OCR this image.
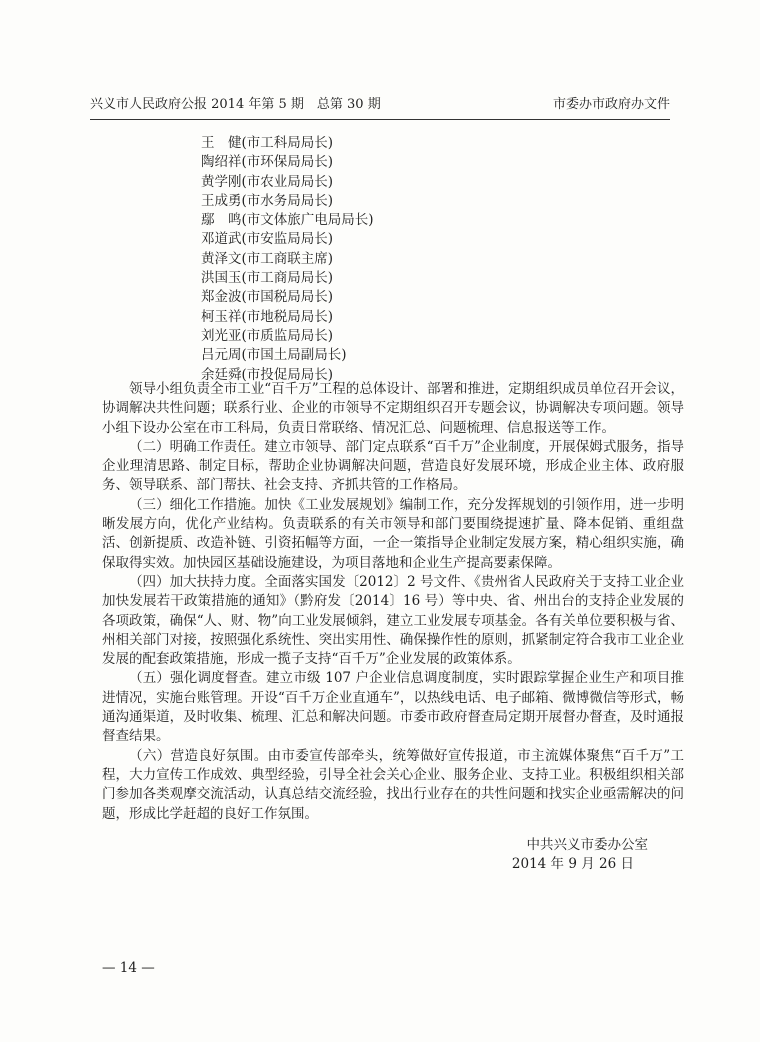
兴义市人民政府公报 2014 年第 5 期　总第 30 期	市委办市政府办文件
王　健(市工科局局长)
陶绍祥(市环保局局长)
黄学刚(市农业局局长)
王成勇(市水务局局长)
鄢　鸣(市文体旅广电局局长)
邓道武(市安监局局长)
黄泽文(市工商联主席)
洪国玉(市工商局局长)
郑金波(市国税局局长)
柯玉祥(市地税局局长)
刘光亚(市质监局局长)
吕元周(市国土局副局长)
余廷舜(市投促局局长)

领导小组负责全市工业“百千万”工程的总体设计、部署和推进，定期组织成员单位召开会议，协调解决共性问题；联系行业、企业的市领导不定期组织召开专题会议，协调解决专项问题。领导小组下设办公室在市工科局，负责日常联络、情况汇总、问题梳理、信息报送等工作。

（二）明确工作责任。建立市领导、部门定点联系“百千万”企业制度，开展保姆式服务，指导企业理清思路、制定目标，帮助企业协调解决问题，营造良好发展环境，形成企业主体、政府服务、领导联系、部门帮扶、社会支持、齐抓共管的工作格局。

（三）细化工作措施。加快《工业发展规划》编制工作，充分发挥规划的引领作用，进一步明晰发展方向，优化产业结构。负责联系的有关市领导和部门要围绕提速扩量、降本促销、重组盘活、创新提质、改造补链、引资拓幅等方面，一企一策指导企业制定发展方案，精心组织实施，确保取得实效。加快园区基础设施建设，为项目落地和企业生产提高要素保障。

（四）加大扶持力度。全面落实国发〔2012〕2 号文件、《贵州省人民政府关于支持工业企业加快发展若干政策措施的通知》（黔府发〔2014〕16 号）等中央、省、州出台的支持企业发展的各项政策，确保“人、财、物”向工业发展倾斜，建立工业发展专项基金。各有关单位要积极与省、州相关部门对接，按照强化系统性、突出实用性、确保操作性的原则，抓紧制定符合我市工业企业发展的配套政策措施，形成一揽子支持“百千万”企业发展的政策体系。

（五）强化调度督查。建立市级 107 户企业信息调度制度，实时跟踪掌握企业生产和项目推进情况，实施台账管理。开设“百千万企业直通车”，以热线电话、电子邮箱、微博微信等形式，畅通沟通渠道，及时收集、梳理、汇总和解决问题。市委市政府督查局定期开展督办督查，及时通报督查结果。

（六）营造良好氛围。由市委宣传部牵头，统筹做好宣传报道，市主流媒体聚焦“百千万”工程，大力宣传工作成效、典型经验，引导全社会关心企业、服务企业、支持工业。积极组织相关部门参加各类观摩交流活动，认真总结交流经验，找出行业存在的共性问题和找实企业亟需解决的问题，形成比学赶超的良好工作氛围。

中共兴义市委办公室
2014 年 9 月 26 日
— 14 —
